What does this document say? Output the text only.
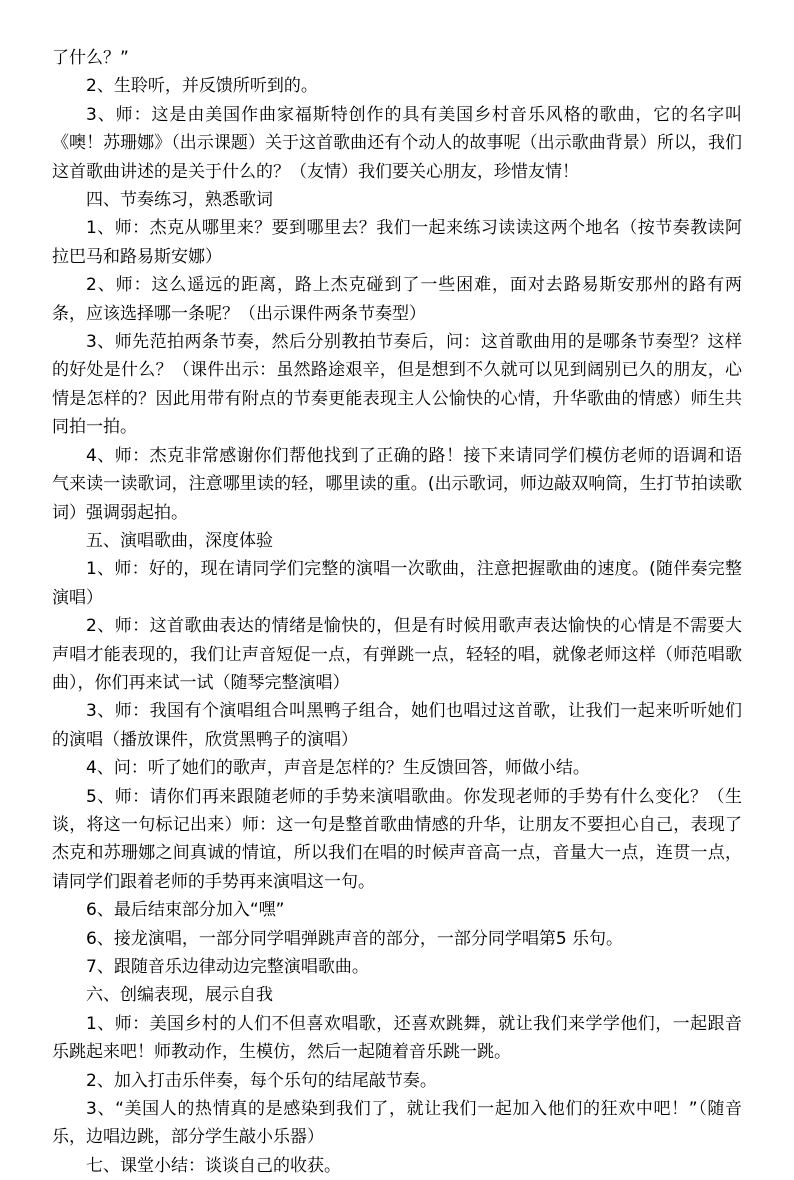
了什么？”

2、生聆听，并反馈所听到的。

3、师：这是由美国作曲家福斯特创作的具有美国乡村音乐风格的歌曲，它的名字叫《噢！苏珊娜》（出示课题）关于这首歌曲还有个动人的故事呢（出示歌曲背景）所以，我们这首歌曲讲述的是关于什么的？（友情）我们要关心朋友，珍惜友情！

四、节奏练习，熟悉歌词

1、师：杰克从哪里来？要到哪里去？我们一起来练习读读这两个地名（按节奏教读阿拉巴马和路易斯安娜）

2、师：这么遥远的距离，路上杰克碰到了一些困难，面对去路易斯安那州的路有两条，应该选择哪一条呢？（出示课件两条节奏型）

3、师先范拍两条节奏，然后分别教拍节奏后，问：这首歌曲用的是哪条节奏型？这样的好处是什么？（课件出示：虽然路途艰辛，但是想到不久就可以见到阔别已久的朋友，心情是怎样的？因此用带有附点的节奏更能表现主人公愉快的心情，升华歌曲的情感）师生共同拍一拍。

4、师：杰克非常感谢你们帮他找到了正确的路！接下来请同学们模仿老师的语调和语气来读一读歌词，注意哪里读的轻，哪里读的重。(出示歌词，师边敲双响筒，生打节拍读歌词）强调弱起拍。

五、演唱歌曲，深度体验

1、师：好的，现在请同学们完整的演唱一次歌曲，注意把握歌曲的速度。(随伴奏完整演唱）

2、师：这首歌曲表达的情绪是愉快的，但是有时候用歌声表达愉快的心情是不需要大声唱才能表现的，我们让声音短促一点，有弹跳一点，轻轻的唱，就像老师这样（师范唱歌曲），你们再来试一试（随琴完整演唱）

3、师：我国有个演唱组合叫黑鸭子组合，她们也唱过这首歌，让我们一起来听听她们的演唱（播放课件，欣赏黑鸭子的演唱）

4、问：听了她们的歌声，声音是怎样的？生反馈回答，师做小结。

5、师：请你们再来跟随老师的手势来演唱歌曲。你发现老师的手势有什么变化？（生谈，将这一句标记出来）师：这一句是整首歌曲情感的升华，让朋友不要担心自己，表现了杰克和苏珊娜之间真诚的情谊，所以我们在唱的时候声音高一点，音量大一点，连贯一点，请同学们跟着老师的手势再来演唱这一句。

6、最后结束部分加入“嘿”

6、接龙演唱，一部分同学唱弹跳声音的部分，一部分同学唱第5 乐句。

7、跟随音乐边律动边完整演唱歌曲。

六、创编表现，展示自我

1、师：美国乡村的人们不但喜欢唱歌，还喜欢跳舞，就让我们来学学他们，一起跟音乐跳起来吧！师教动作，生模仿，然后一起随着音乐跳一跳。

2、加入打击乐伴奏，每个乐句的结尾敲节奏。

3、“美国人的热情真的是感染到我们了，就让我们一起加入他们的狂欢中吧！”（随音乐，边唱边跳，部分学生敲小乐器）

七、课堂小结：谈谈自己的收获。
